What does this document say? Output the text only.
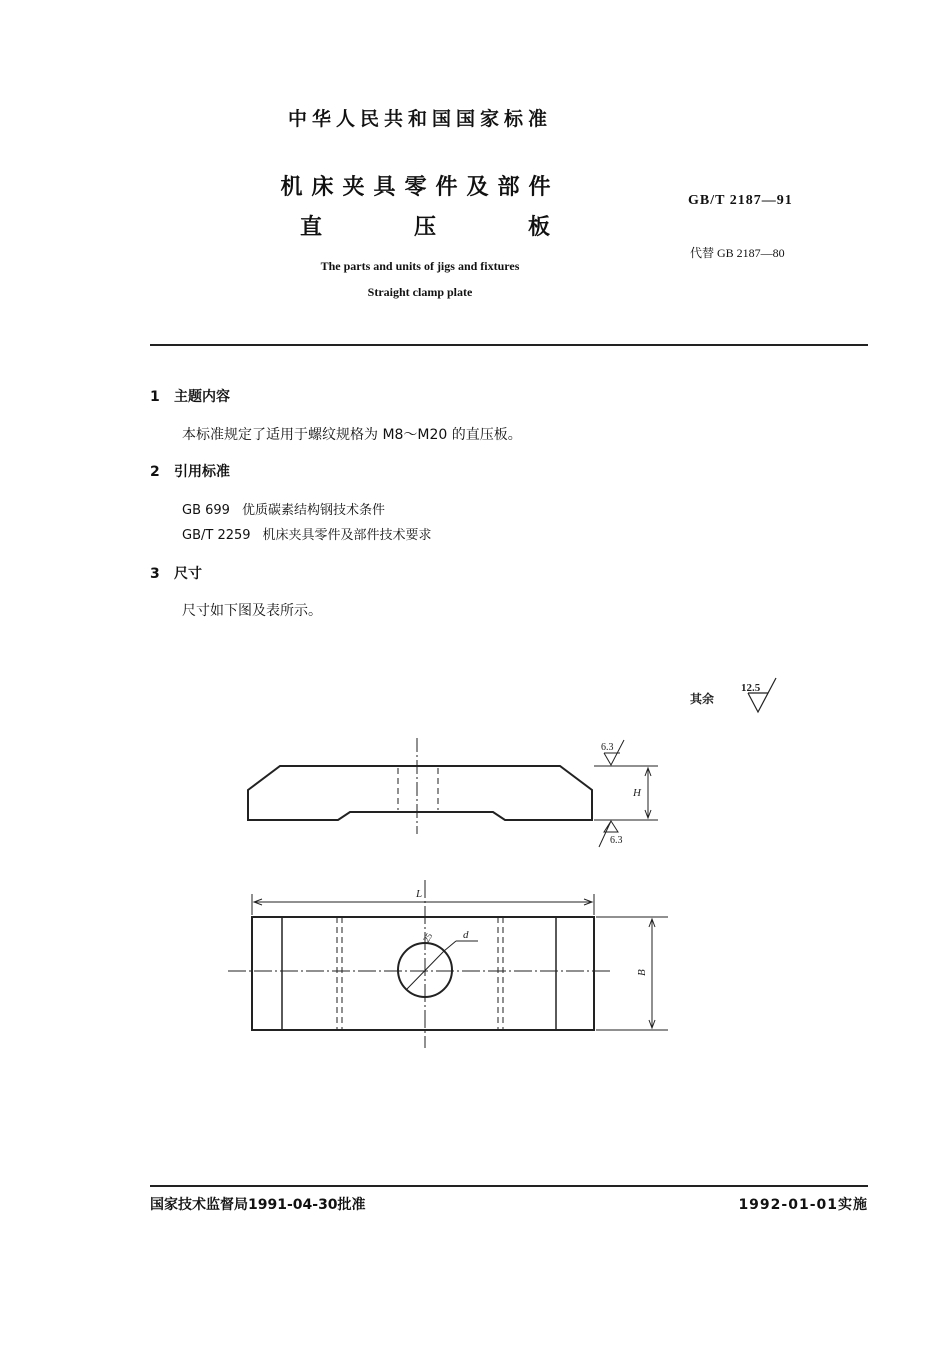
中华人民共和国国家标准
机床夹具零件及部件
直	压	板
The parts and units of jigs and fixtures
Straight clamp plate
GB/T 2187—91
代替 GB 2187—80
1 主题内容
本标准规定了适用于螺纹规格为 M8～M20 的直压板。
2 引用标准
GB 699 优质碳素结构钢技术条件
GB/T 2259 机床夹具零件及部件技术要求
3 尺寸
尺寸如下图及表所示。
其余
12.5
H
6.3
6.3
d
25
L
B
国家技术监督局1991-04-30批准	1992-01-01实施
